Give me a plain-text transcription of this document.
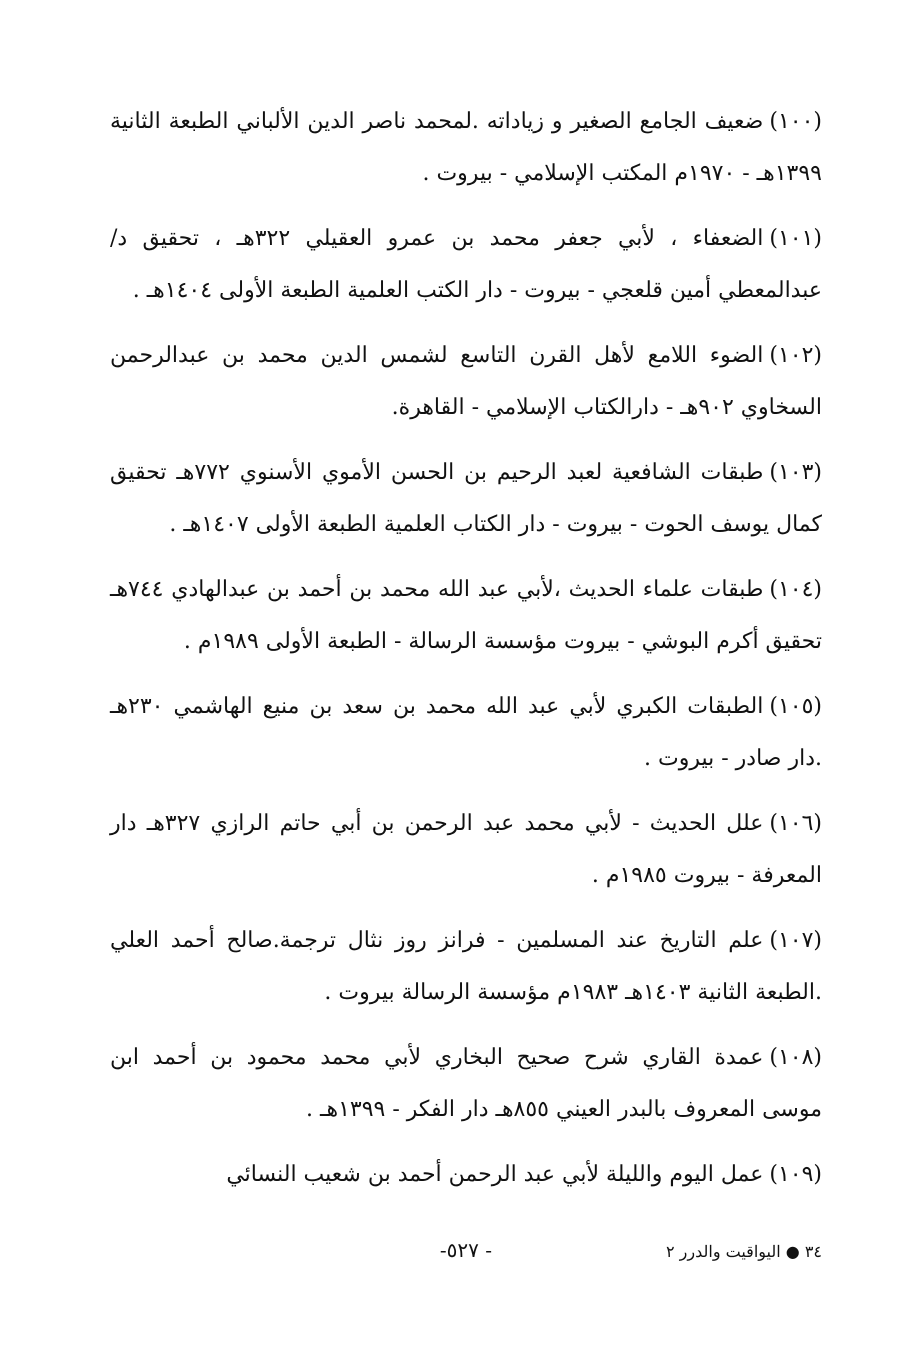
(١٠٠)ضعيف الجامع الصغير و زياداته .لمحمد ناصر الدين الألباني الطبعة الثانية ١٣٩٩هـ - ١٩٧٠م المكتب الإسلامي - بيروت .

(١٠١)الضعفاء ، لأبي جعفر محمد بن عمرو العقيلي ٣٢٢هـ ، تحقيق د/ عبدالمعطي أمين قلعجي - بيروت - دار الكتب العلمية الطبعة الأولى ١٤٠٤هـ .

(١٠٢)الضوء اللامع لأهل القرن التاسع لشمس الدين محمد بن عبدالرحمن السخاوي ٩٠٢هـ - دارالكتاب الإسلامي - القاهرة.

(١٠٣)طبقات الشافعية لعبد الرحيم بن الحسن الأموي الأسنوي ٧٧٢هـ تحقيق كمال يوسف الحوت - بيروت - دار الكتاب العلمية الطبعة الأولى ١٤٠٧هـ .

(١٠٤)طبقات علماء الحديث ،لأبي عبد الله محمد بن أحمد بن عبدالهادي ٧٤٤هـ تحقيق أكرم البوشي - بيروت مؤسسة الرسالة - الطبعة الأولى ١٩٨٩م .

(١٠٥)الطبقات الكبري لأبي عبد الله محمد بن سعد بن منيع الهاشمي ٢٣٠هـ .دار صادر - بيروت .

(١٠٦)علل الحديث - لأبي محمد عبد الرحمن بن أبي حاتم الرازي ٣٢٧هـ دار المعرفة - بيروت ١٩٨٥م .

(١٠٧)علم التاريخ عند المسلمين - فرانز روز نثال ترجمة.صالح أحمد العلي .الطبعة الثانية ١٤٠٣هـ ١٩٨٣م مؤسسة الرسالة بيروت .

(١٠٨)عمدة القاري شرح صحيح البخاري لأبي محمد محمود بن أحمد ابن موسى المعروف بالبدر العيني ٨٥٥هـ دار الفكر - ١٣٩٩هـ .

(١٠٩)عمل اليوم والليلة لأبي عبد الرحمن أحمد بن شعيب النسائي

٣٤ ● اليواقيت والدرر ٢
- ٥٢٧-
